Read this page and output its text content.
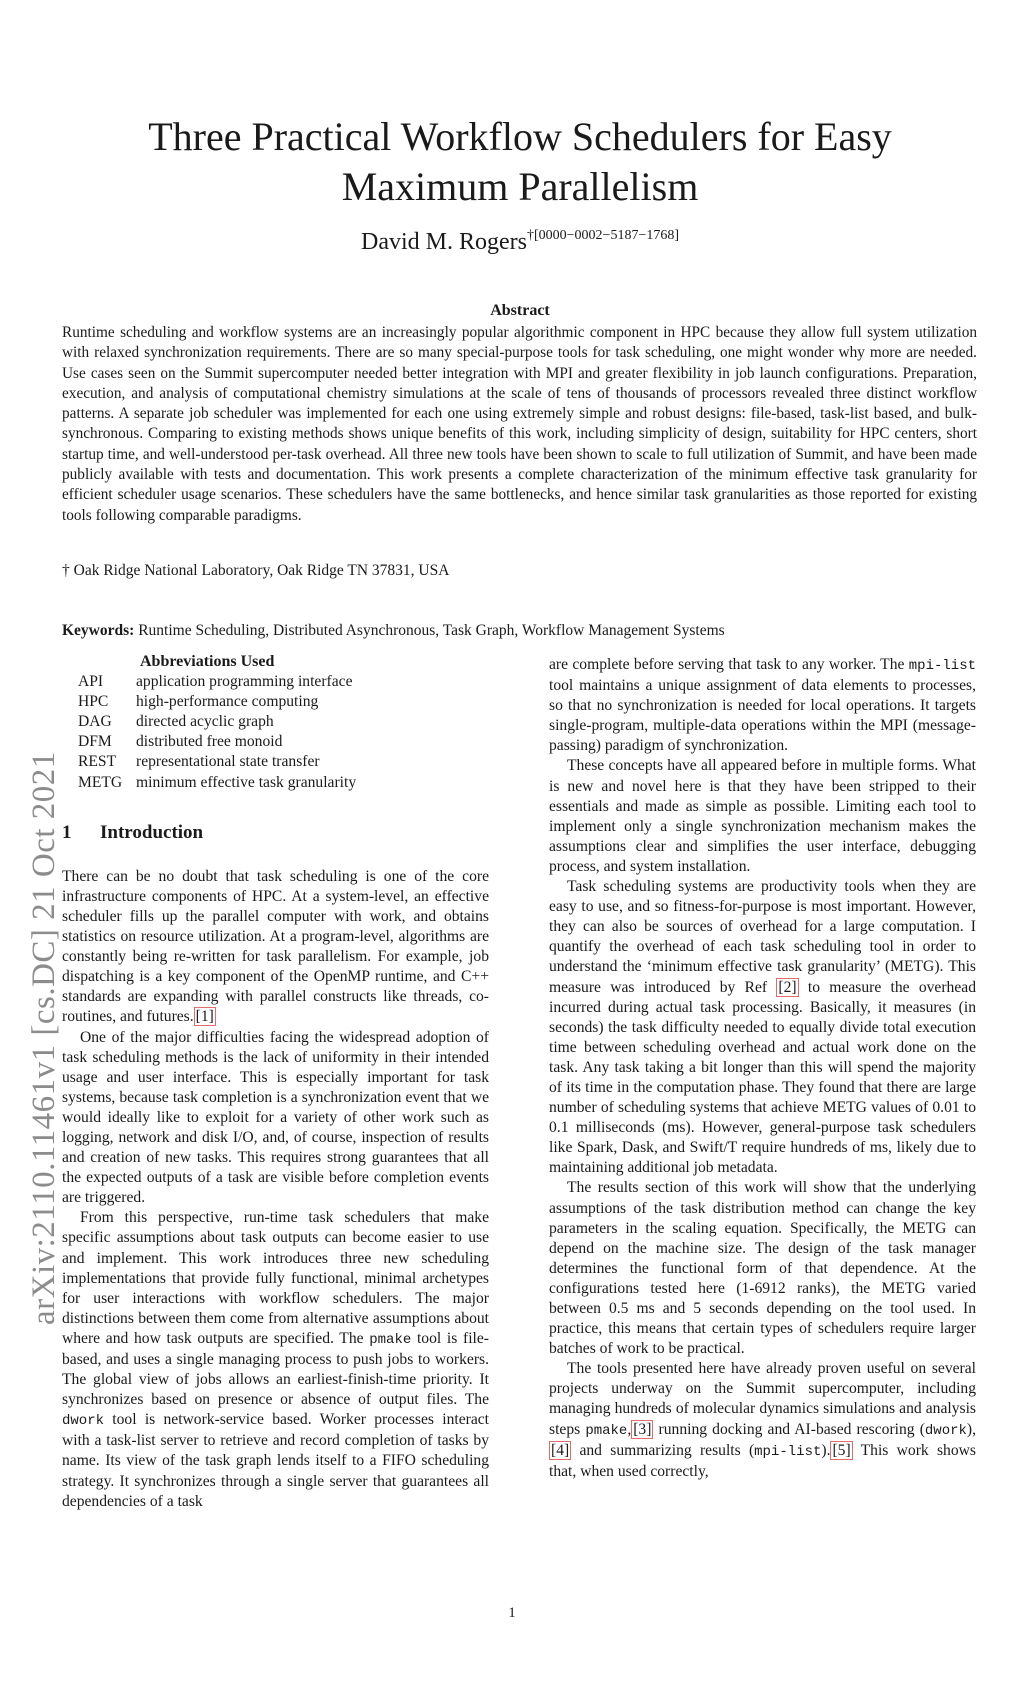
arXiv:2110.11461v1 [cs.DC] 21 Oct 2021
Three Practical Workflow Schedulers for Easy Maximum Parallelism
David M. Rogers$^{\dagger[0000-0002-5187-1768]}$
Abstract
Runtime scheduling and workflow systems are an increasingly popular algorithmic component in HPC because they allow full system utilization with relaxed synchronization requirements. There are so many special-purpose tools for task scheduling, one might wonder why more are needed. Use cases seen on the Summit supercomputer needed better integration with MPI and greater flexibility in job launch configurations. Preparation, execution, and analysis of computational chemistry simulations at the scale of tens of thousands of processors revealed three distinct workflow patterns. A separate job scheduler was implemented for each one using extremely simple and robust designs: file-based, task-list based, and bulk-synchronous. Comparing to existing methods shows unique benefits of this work, including simplicity of design, suitability for HPC centers, short startup time, and well-understood per-task overhead. All three new tools have been shown to scale to full utilization of Summit, and have been made publicly available with tests and documentation. This work presents a complete characterization of the minimum effective task granularity for efficient scheduler usage scenarios. These schedulers have the same bottlenecks, and hence similar task granularities as those reported for existing tools following comparable paradigms.
† Oak Ridge National Laboratory, Oak Ridge TN 37831, USA
Keywords: Runtime Scheduling, Distributed Asynchronous, Task Graph, Workflow Management Systems
Abbreviations Used
API	application programming interface
HPC	high-performance computing
DAG	directed acyclic graph
DFM	distributed free monoid
REST	representational state transfer
METG	minimum effective task granularity
1 Introduction

There can be no doubt that task scheduling is one of the core infrastructure components of HPC. At a system-level, an effective scheduler fills up the parallel computer with work, and obtains statistics on resource utilization. At a program-level, algorithms are constantly being re-written for task parallelism. For example, job dispatching is a key component of the OpenMP runtime, and C++ standards are expanding with parallel constructs like threads, co-routines, and futures. [1]

One of the major difficulties facing the widespread adoption of task scheduling methods is the lack of uniformity in their intended usage and user interface. This is especially important for task systems, because task completion is a synchronization event that we would ideally like to exploit for a variety of other work such as logging, network and disk I/O, and, of course, inspection of results and creation of new tasks. This requires strong guarantees that all the expected outputs of a task are visible before completion events are triggered.

From this perspective, run-time task schedulers that make specific assumptions about task outputs can become easier to use and implement. This work introduces three new scheduling implementations that provide fully functional, minimal archetypes for user interactions with workflow schedulers. The major distinctions between them come from alternative assumptions about where and how task outputs are specified. The pmake tool is file-based, and uses a single managing process to push jobs to workers. The global view of jobs allows an earliest-finish-time priority. It synchronizes based on presence or absence of output files. The dwork tool is network-service based. Worker processes interact with a task-list server to retrieve and record completion of tasks by name. Its view of the task graph lends itself to a FIFO scheduling strategy. It synchronizes through a single server that guarantees all dependencies of a task

are complete before serving that task to any worker. The mpi-list tool maintains a unique assignment of data elements to processes, so that no synchronization is needed for local operations. It targets single-program, multiple-data operations within the MPI (message-passing) paradigm of synchronization.

These concepts have all appeared before in multiple forms. What is new and novel here is that they have been stripped to their essentials and made as simple as possible. Limiting each tool to implement only a single synchronization mechanism makes the assumptions clear and simplifies the user interface, debugging process, and system installation.

Task scheduling systems are productivity tools when they are easy to use, and so fitness-for-purpose is most important. However, they can also be sources of overhead for a large computation. I quantify the overhead of each task scheduling tool in order to understand the ‘minimum effective task granularity’ (METG). This measure was introduced by Ref [2] to measure the overhead incurred during actual task processing. Basically, it measures (in seconds) the task difficulty needed to equally divide total execution time between scheduling overhead and actual work done on the task. Any task taking a bit longer than this will spend the majority of its time in the computation phase. They found that there are large number of scheduling systems that achieve METG values of 0.01 to 0.1 milliseconds (ms). However, general-purpose task schedulers like Spark, Dask, and Swift/T require hundreds of ms, likely due to maintaining additional job metadata.

The results section of this work will show that the underlying assumptions of the task distribution method can change the key parameters in the scaling equation. Specifically, the METG can depend on the machine size. The design of the task manager determines the functional form of that dependence. At the configurations tested here (1-6912 ranks), the METG varied between 0.5 ms and 5 seconds depending on the tool used. In practice, this means that certain types of schedulers require larger batches of work to be practical.

The tools presented here have already proven useful on several projects underway on the Summit supercomputer, including managing hundreds of molecular dynamics simulations and analysis steps pmake, [3] running docking and AI-based rescoring (dwork),[4] and summarizing results (mpi-list). [5] This work shows that, when used correctly,

1
